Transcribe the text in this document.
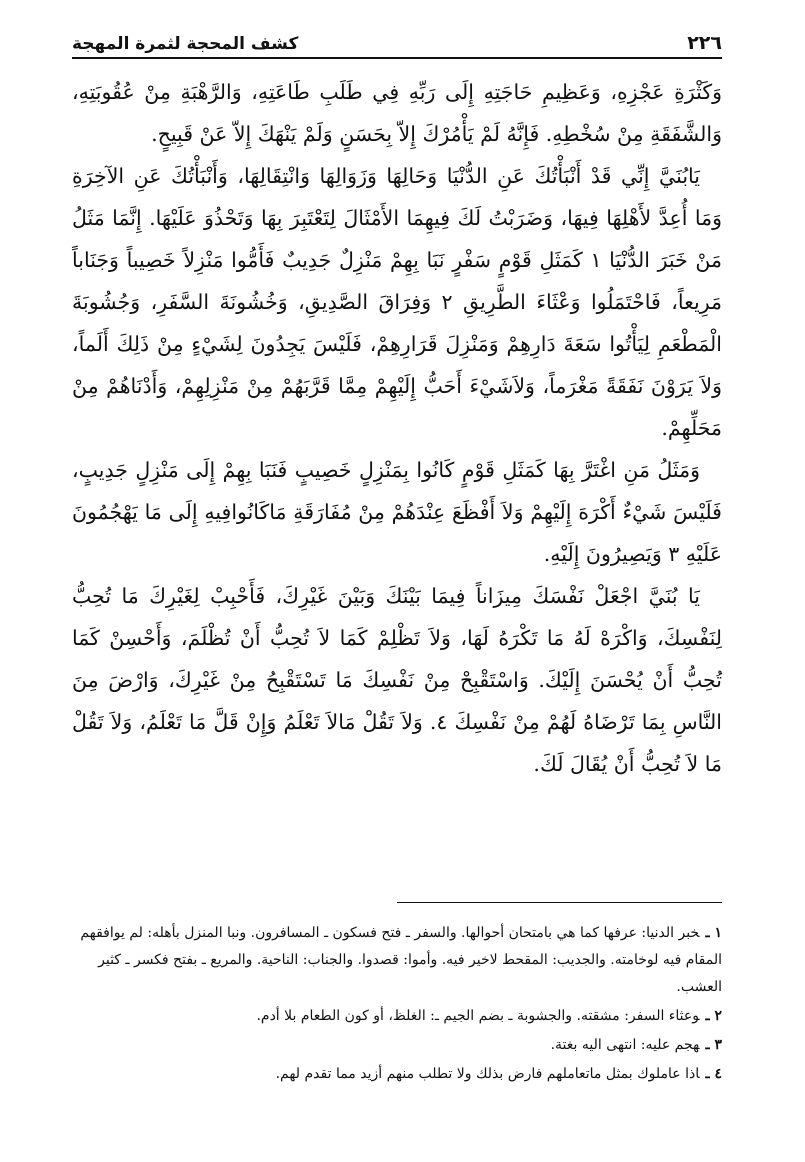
٢٢٦
كشف المحجة لثمرة المهجة

وَكَثْرَةِ عَجْزِهِ، وَعَظِيمِ حَاجَتِهِ إِلَى رَبِّهِ فِي طَلَبِ طَاعَتِهِ، وَالرَّهْبَةِ مِنْ عُقُوبَتِهِ، وَالشَّفَقَةِ مِنْ سُخْطِهِ. فَإِنَّهُ لَمْ يَأْمُرْكَ إِلاّ بِحَسَنٍ وَلَمْ يَنْهَكَ إِلاّ عَنْ قَبِيحٍ.

يَابُنَيَّ إِنِّي قَدْ أَنْبَأْتُكَ عَنِ الدُّنْيَا وَحَالِهَا وَزَوَالِهَا وَانْتِقَالِهَا، وَأَنْبَأْتُكَ عَنِ الآخِرَةِ وَمَا أُعِدَّ لأَهْلِهَا فِيهَا، وَضَرَبْتُ لَكَ فِيهِمَا الأَمْثَالَ لِتَعْتَبِرَ بِهَا وَتَحْذُوَ عَلَيْهَا. إِنَّمَا مَثَلُ مَنْ خَبَرَ الدُّنْيَا ١ كَمَثَلِ قَوْمٍ سَفْرٍ نَبَا بِهِمْ مَنْزِلٌ جَدِيبٌ فَأَمُّوا مَنْزِلاً خَصِيباً وَجَنَاباً مَرِيعاً، فَاحْتَمَلُوا وَعْثَاءَ الطَّرِيقِ ٢ وَفِرَاقَ الصَّدِيقِ، وَخُشُونَةَ السَّفَرِ، وَجُشُوبَةَ الْمَطْعَمِ لِيَأْتُوا سَعَةَ دَارِهِمْ وَمَنْزِلَ قَرَارِهِمْ، فَلَيْسَ يَجِدُونَ لِشَيْءٍ مِنْ ذَلِكَ أَلَماً، وَلاَ يَرَوْنَ نَفَقَةً مَغْرَماً، وَلاَشَيْءَ أَحَبُّ إِلَيْهِمْ مِمَّا قَرَّبَهُمْ مِنْ مَنْزِلِهِمْ، وَأَدْنَاهُمْ مِنْ مَحَلِّهِمْ.

وَمَثَلُ مَنِ اغْتَرَّ بِهَا كَمَثَلِ قَوْمٍ كَانُوا بِمَنْزِلٍ خَصِيبٍ فَنَبَا بِهِمْ إِلَى مَنْزِلٍ جَدِيبٍ، فَلَيْسَ شَيْءٌ أَكْرَهَ إِلَيْهِمْ وَلاَ أَفْظَعَ عِنْدَهُمْ مِنْ مُفَارَقَةِ مَاكَانُوافِيهِ إِلَى مَا يَهْجُمُونَ عَلَيْهِ ٣ وَيَصِيرُونَ إِلَيْهِ.

يَا بُنَيَّ اجْعَلْ نَفْسَكَ مِيزَاناً فِيمَا بَيْنَكَ وَبَيْنَ غَيْرِكَ، فَأَحْبِبْ لِغَيْرِكَ مَا تُحِبُّ لِنَفْسِكَ، وَاكْرَهْ لَهُ مَا تَكْرَهُ لَهَا، وَلاَ تَظْلِمْ كَمَا لاَ تُحِبُّ أَنْ تُظْلَمَ، وَأَحْسِنْ كَمَا تُحِبُّ أَنْ يُحْسَنَ إِلَيْكَ. وَاسْتَقْبِحْ مِنْ نَفْسِكَ مَا تَسْتَقْبِحُ مِنْ غَيْرِكَ، وَارْضَ مِنَ النَّاسِ بِمَا تَرْضَاهُ لَهُمْ مِنْ نَفْسِكَ ٤. وَلاَ تَقُلْ مَالاَ تَعْلَمُ وَإِنْ قَلَّ مَا تَعْلَمُ، وَلاَ تَقُلْ مَا لاَ تُحِبُّ أَنْ يُقَالَ لَكَ.

١ ـخبر الدنيا: عرفها كما هي بامتحان أحوالها. والسفر ـ فتح فسكون ـ المسافرون. ونبا المنزل بأهله: لم يوافقهم المقام فيه لوخامته. والجديب: المقحط لاخير فيه. وأموا: قصدوا. والجناب: الناحية. والمريع ـ بفتح فكسر ـ كثير العشب.

٢ ـوعثاء السفر: مشقته. والجشوبة ـ بضم الجيم ـ: الغلظ، أو كون الطعام بلا أدم.

٣ ـهجم عليه: انتهى اليه بغتة.

٤ ـاذا عاملوك بمثل ماتعاملهم فارض بذلك ولا تطلب منهم أزيد مما تقدم لهم.
